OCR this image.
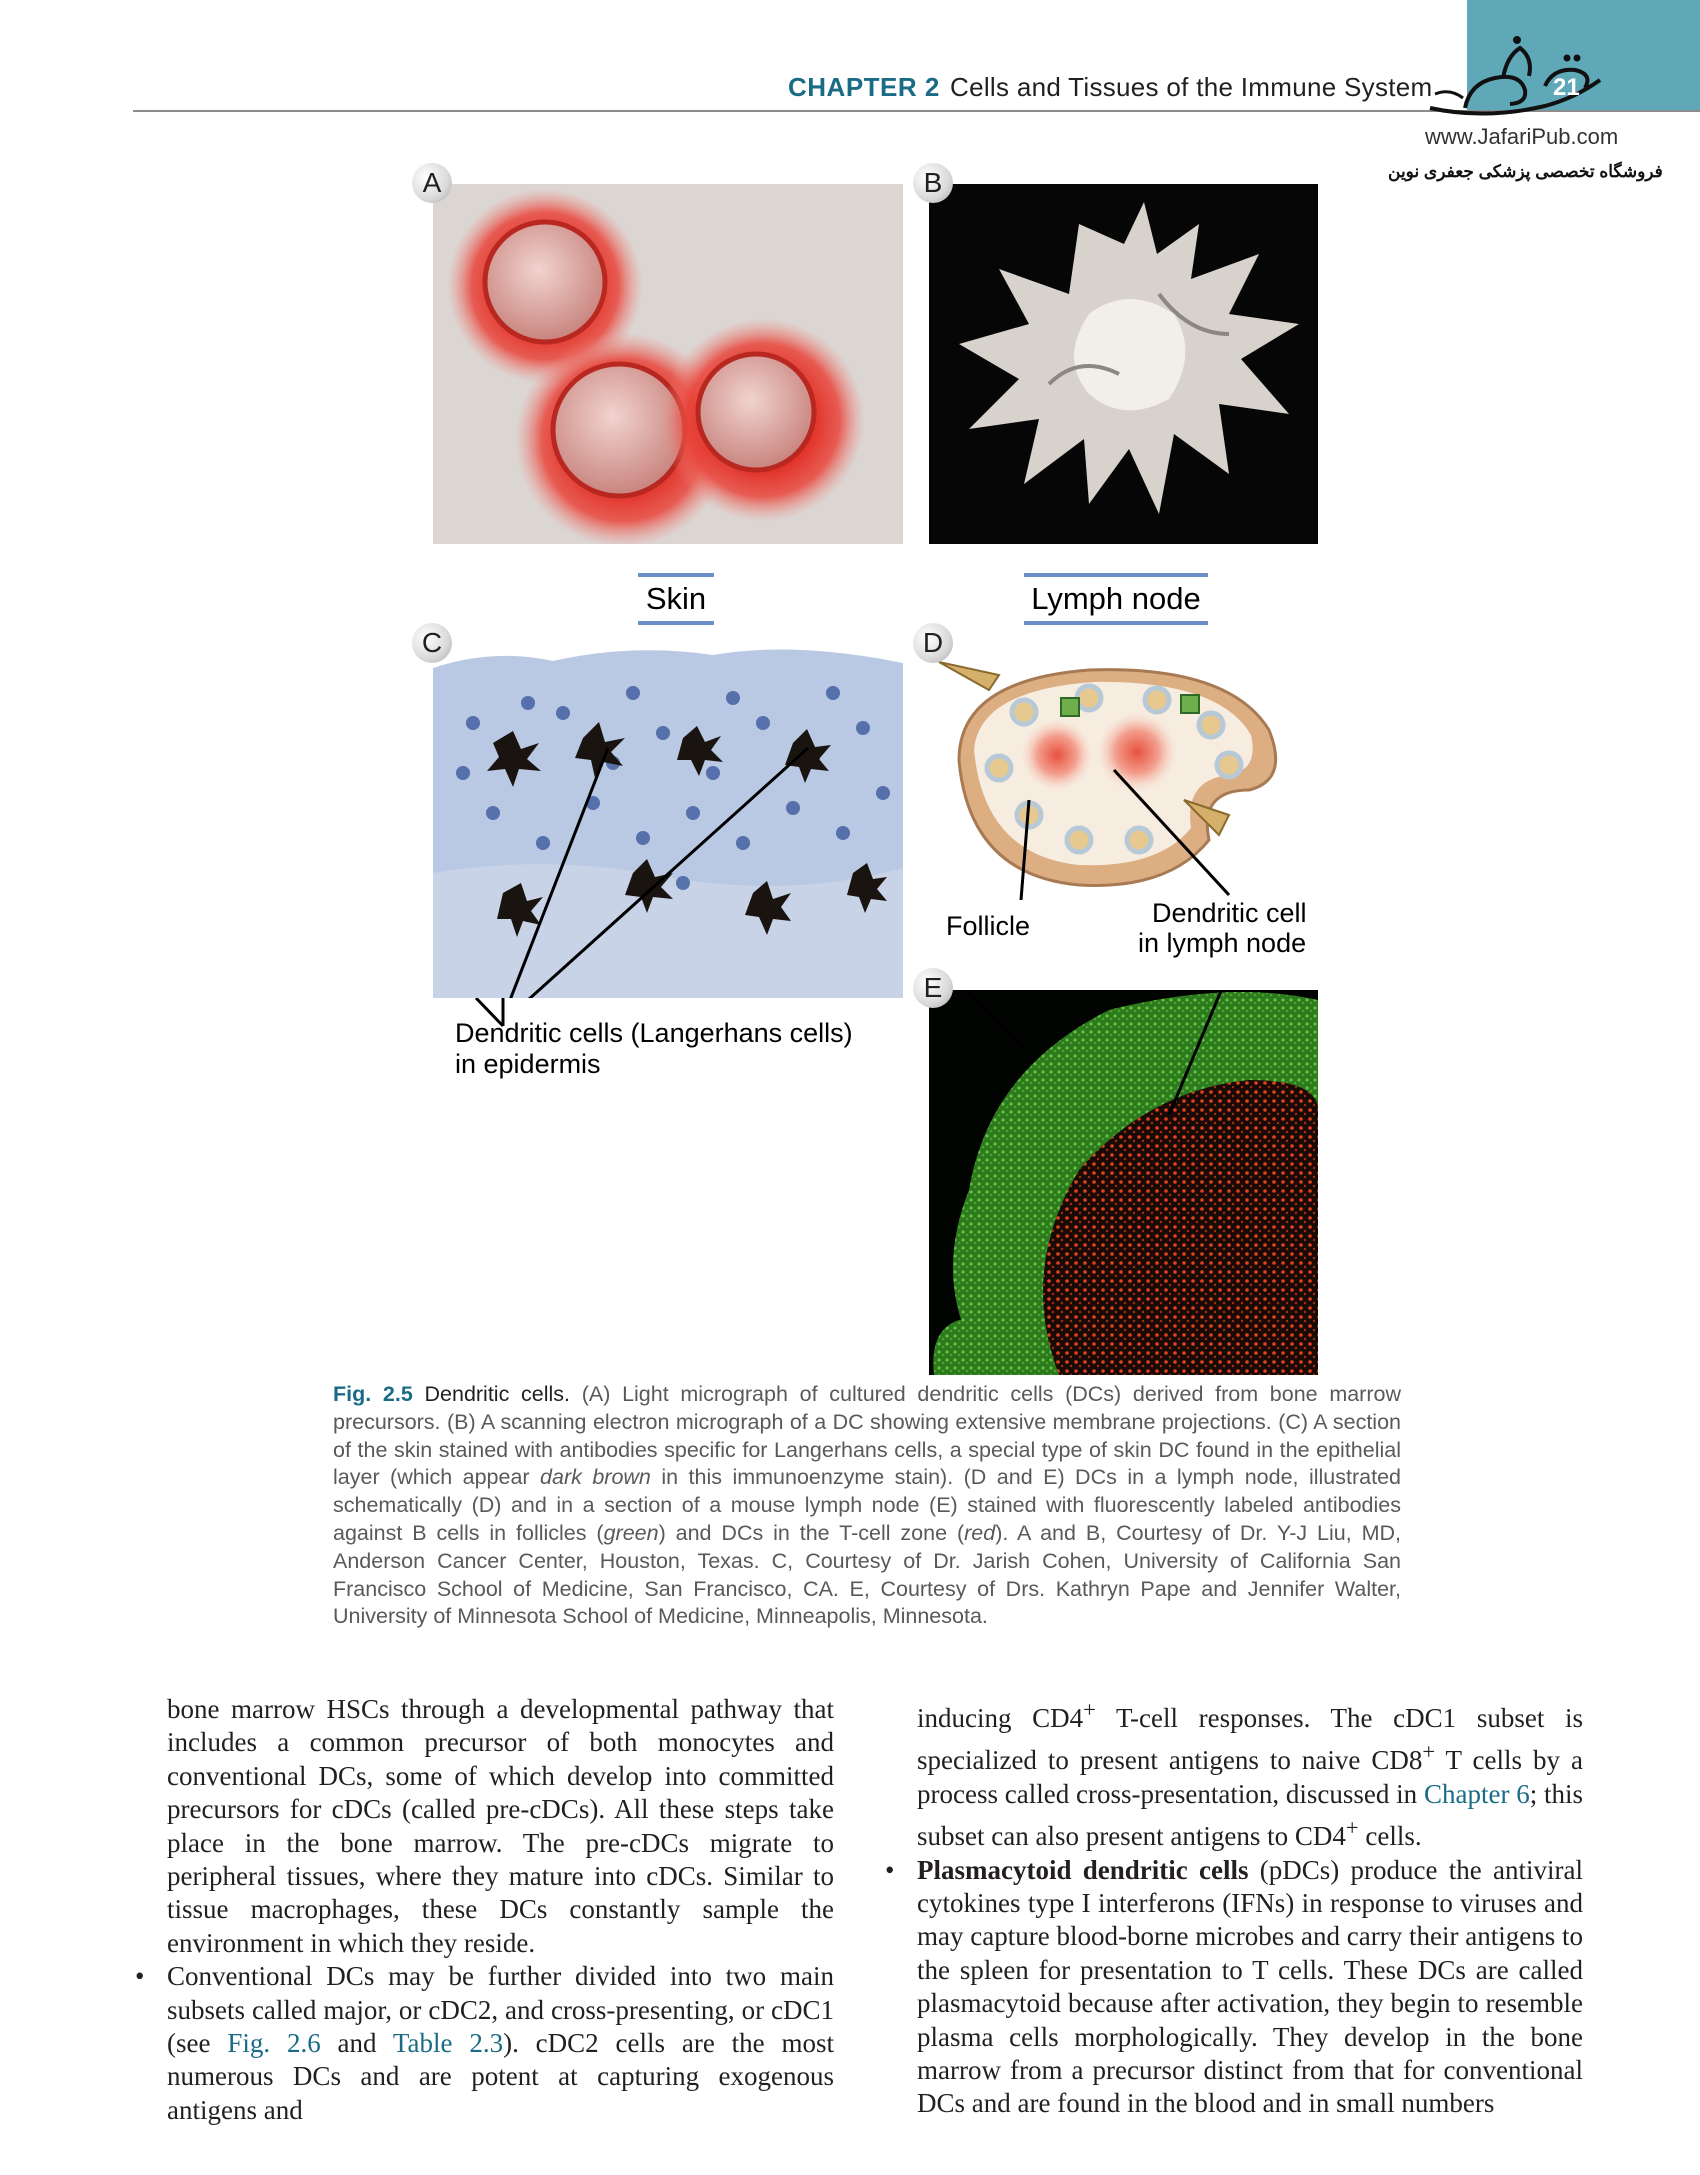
CHAPTER 2 Cells and Tissues of the Immune System	21
www.JafariPub.com
فروشگاه تخصصی پزشکی جعفری نوین
A	B
Skin	Lymph node
C
Dendritic cells (Langerhans cells)
in epidermis
D
Follicle	Dendritic cell
in lymph node
E
Fig. 2.5 Dendritic cells. (A) Light micrograph of cultured dendritic cells (DCs) derived from bone marrow precursors. (B) A scanning electron micrograph of a DC showing extensive membrane projections. (C) A section of the skin stained with antibodies specific for Langerhans cells, a special type of skin DC found in the epithelial layer (which appear dark brown in this immunoenzyme stain). (D and E) DCs in a lymph node, illustrated schematically (D) and in a section of a mouse lymph node (E) stained with fluorescently labeled antibodies against B cells in follicles (green) and DCs in the T-cell zone (red). A and B, Courtesy of Dr. Y-J Liu, MD, Anderson Cancer Center, Houston, Texas. C, Courtesy of Dr. Jarish Cohen, University of California San Francisco School of Medicine, San Francisco, CA. E, Courtesy of Drs. Kathryn Pape and Jennifer Walter, University of Minnesota School of Medicine, Minneapolis, Minnesota.

bone marrow HSCs through a developmental pathway that includes a common precursor of both monocytes and conventional DCs, some of which develop into committed precursors for cDCs (called pre-cDCs). All these steps take place in the bone marrow. The pre-cDCs migrate to peripheral tissues, where they mature into cDCs. Similar to tissue macrophages, these DCs constantly sample the environment in which they reside.

• Conventional DCs may be further divided into two main subsets called major, or cDC2, and cross-presenting, or cDC1 (see Fig. 2.6 and Table 2.3). cDC2 cells are the most numerous DCs and are potent at capturing exogenous antigens and

inducing CD4+ T-cell responses. The cDC1 subset is specialized to present antigens to naive CD8+ T cells by a process called cross-presentation, discussed in Chapter 6; this subset can also present antigens to CD4+ cells.

• Plasmacytoid dendritic cells (pDCs) produce the antiviral cytokines type I interferons (IFNs) in response to viruses and may capture blood-borne microbes and carry their antigens to the spleen for presentation to T cells. These DCs are called plasmacytoid because after activation, they begin to resemble plasma cells morphologically. They develop in the bone marrow from a precursor distinct from that for conventional DCs and are found in the blood and in small numbers
